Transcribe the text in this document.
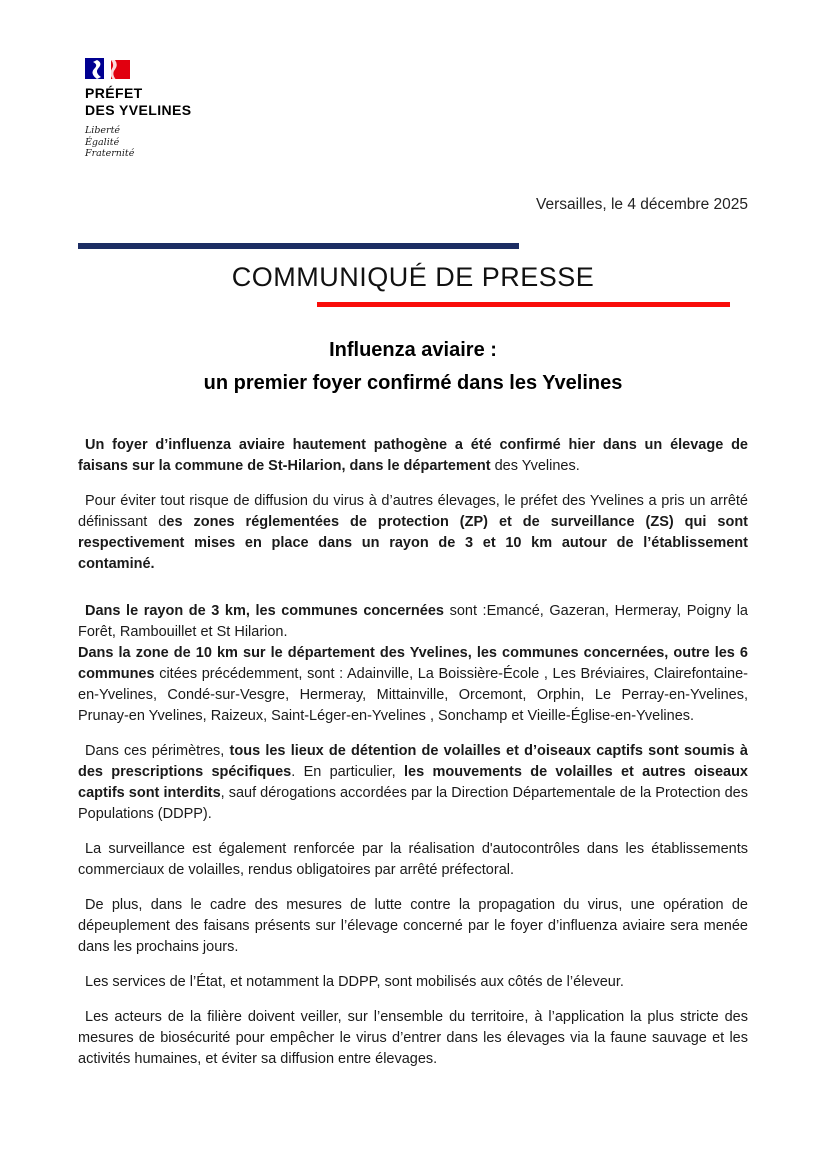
PRÉFET
DES YVELINES
Liberté
Égalité
Fraternité
Versailles, le 4 décembre 2025
COMMUNIQUÉ DE PRESSE
Influenza aviaire :
un premier foyer confirmé dans les Yvelines

Un foyer d’influenza aviaire hautement pathogène a été confirmé hier dans un élevage de faisans sur la commune de St-Hilarion, dans le département des Yvelines.

Pour éviter tout risque de diffusion du virus à d’autres élevages, le préfet des Yvelines a pris un arrêté définissant des zones réglementées de protection (ZP) et de surveillance (ZS) qui sont respectivement mises en place dans un rayon de 3 et 10 km autour de l’établissement contaminé.

Dans le rayon de 3 km, les communes concernées sont :Emancé, Gazeran, Hermeray, Poigny la Forêt, Rambouillet et St Hilarion.

Dans la zone de 10 km sur le département des Yvelines, les communes concernées, outre les 6 communes citées précédemment, sont : Adainville, La Boissière-École , Les Bréviaires, Clairefontaine-en-Yvelines, Condé-sur-Vesgre, Hermeray, Mittainville, Orcemont, Orphin, Le Perray-en-Yvelines, Prunay-en Yvelines, Raizeux, Saint-Léger-en-Yvelines , Sonchamp et Vieille-Église-en-Yvelines.

Dans ces périmètres, tous les lieux de détention de volailles et d’oiseaux captifs sont soumis à des prescriptions spécifiques. En particulier, les mouvements de volailles et autres oiseaux captifs sont interdits, sauf dérogations accordées par la Direction Départementale de la Protection des Populations (DDPP).

La surveillance est également renforcée par la réalisation d'autocontrôles dans les établissements commerciaux de volailles, rendus obligatoires par arrêté préfectoral.

De plus, dans le cadre des mesures de lutte contre la propagation du virus, une opération de dépeuplement des faisans présents sur l’élevage concerné par le foyer d’influenza aviaire sera menée dans les prochains jours.

Les services de l’État, et notamment la DDPP, sont mobilisés aux côtés de l’éleveur.

Les acteurs de la filière doivent veiller, sur l’ensemble du territoire, à l’application la plus stricte des mesures de biosécurité pour empêcher le virus d’entrer dans les élevages via la faune sauvage et les activités humaines, et éviter sa diffusion entre élevages.
